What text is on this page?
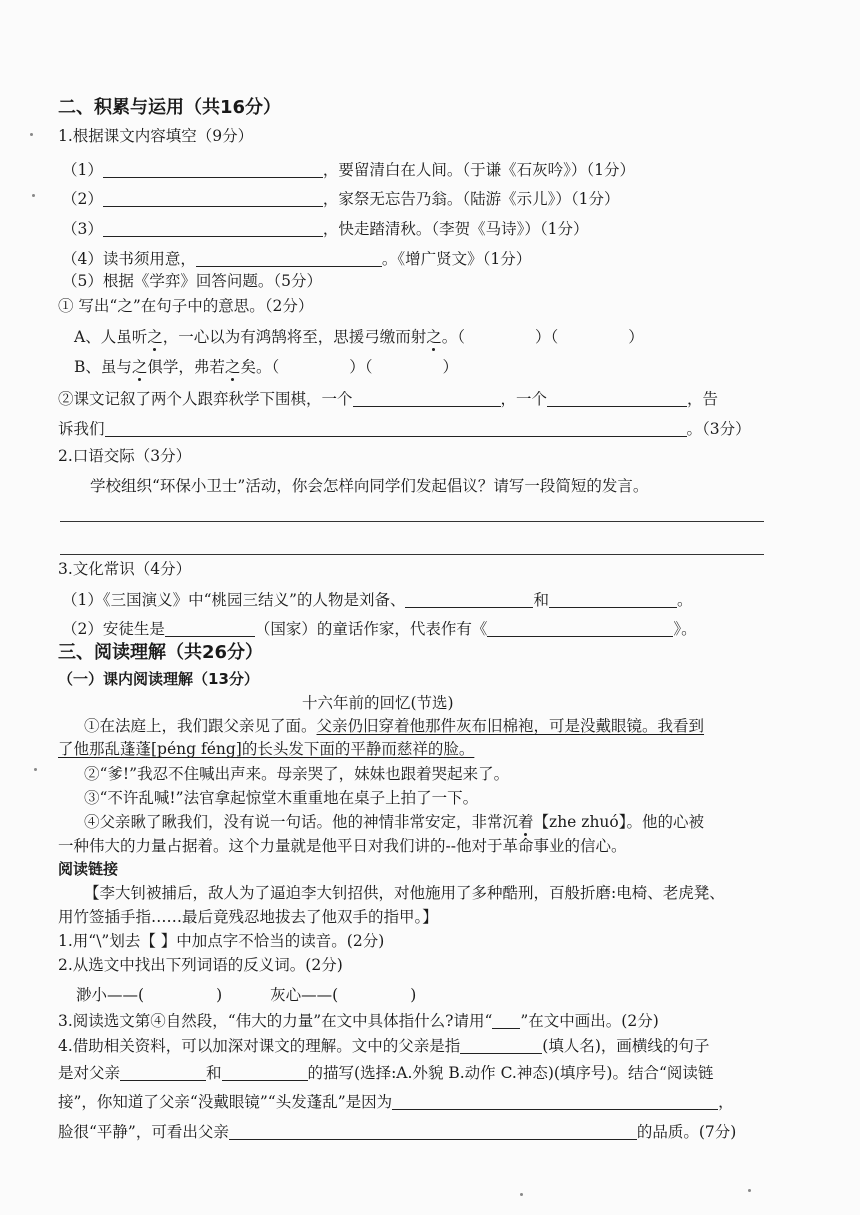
二、积累与运用（共16分）
1.根据课文内容填空（9分）
（1）	，要留清白在人间。（于谦《石灰吟》）（1分）
（2）	，家祭无忘告乃翁。（陆游《示儿》）（1分）
（3）	，快走踏清秋。（李贺《马诗》）（1分）
（4）读书须用意，	。《增广贤文》（1分）
（5）根据《学弈》回答问题。（5分）
① 写出“之”在句子中的意思。（2分）
A、人虽听之，一心以为有鸿鹄将至，思援弓缴而射之。（	）（	）
B、虽与之俱学，弗若之矣。（	）（	）
②课文记叙了两个人跟弈秋学下围棋，一个	，一个	，告
诉我们	。（3分）
2.口语交际（3分）
学校组织“环保小卫士”活动，你会怎样向同学们发起倡议？请写一段简短的发言。
3.文化常识（4分）
（1）《三国演义》中“桃园三结义”的人物是刘备、	和	。
（2）安徒生是	（国家）的童话作家，代表作有《	》。
三、阅读理解（共26分）
（一）课内阅读理解（13分）
十六年前的回忆(节选)
①在法庭上，我们跟父亲见了面。父亲仍旧穿着他那件灰布旧棉袍，可是没戴眼镜。我看到
了他那乱蓬蓬[péng féng]的长头发下面的平静而慈祥的脸。
②“爹!”我忍不住喊出声来。母亲哭了，妹妹也跟着哭起来了。
③“不许乱喊!”法官拿起惊堂木重重地在桌子上拍了一下。
④父亲瞅了瞅我们，没有说一句话。他的神情非常安定，非常沉着【zhe zhuó】。他的心被
一种伟大的力量占据着。这个力量就是他平日对我们讲的--他对于革命事业的信心。
阅读链接
【李大钊被捕后，敌人为了逼迫李大钊招供，对他施用了多种酷刑，百般折磨:电椅、老虎凳、
用竹签插手指……最后竟残忍地拔去了他双手的指甲。】
1.用“\”划去【 】中加点字不恰当的读音。(2分)
2.从选文中找出下列词语的反义词。(2分)
渺小——(	)	灰心——(	)
3.阅读选文第④自然段，“伟大的力量”在文中具体指什么?请用“ ”在文中画出。(2分)
4.借助相关资料，可以加深对课文的理解。文中的父亲是指	(填人名)，画横线的句子
是对父亲	和	的描写(选择:A.外貌 B.动作 C.神态)(填序号)。结合“阅读链
接”，你知道了父亲“没戴眼镜”“头发蓬乱”是因为	，
脸很“平静”，可看出父亲	的品质。(7分)
